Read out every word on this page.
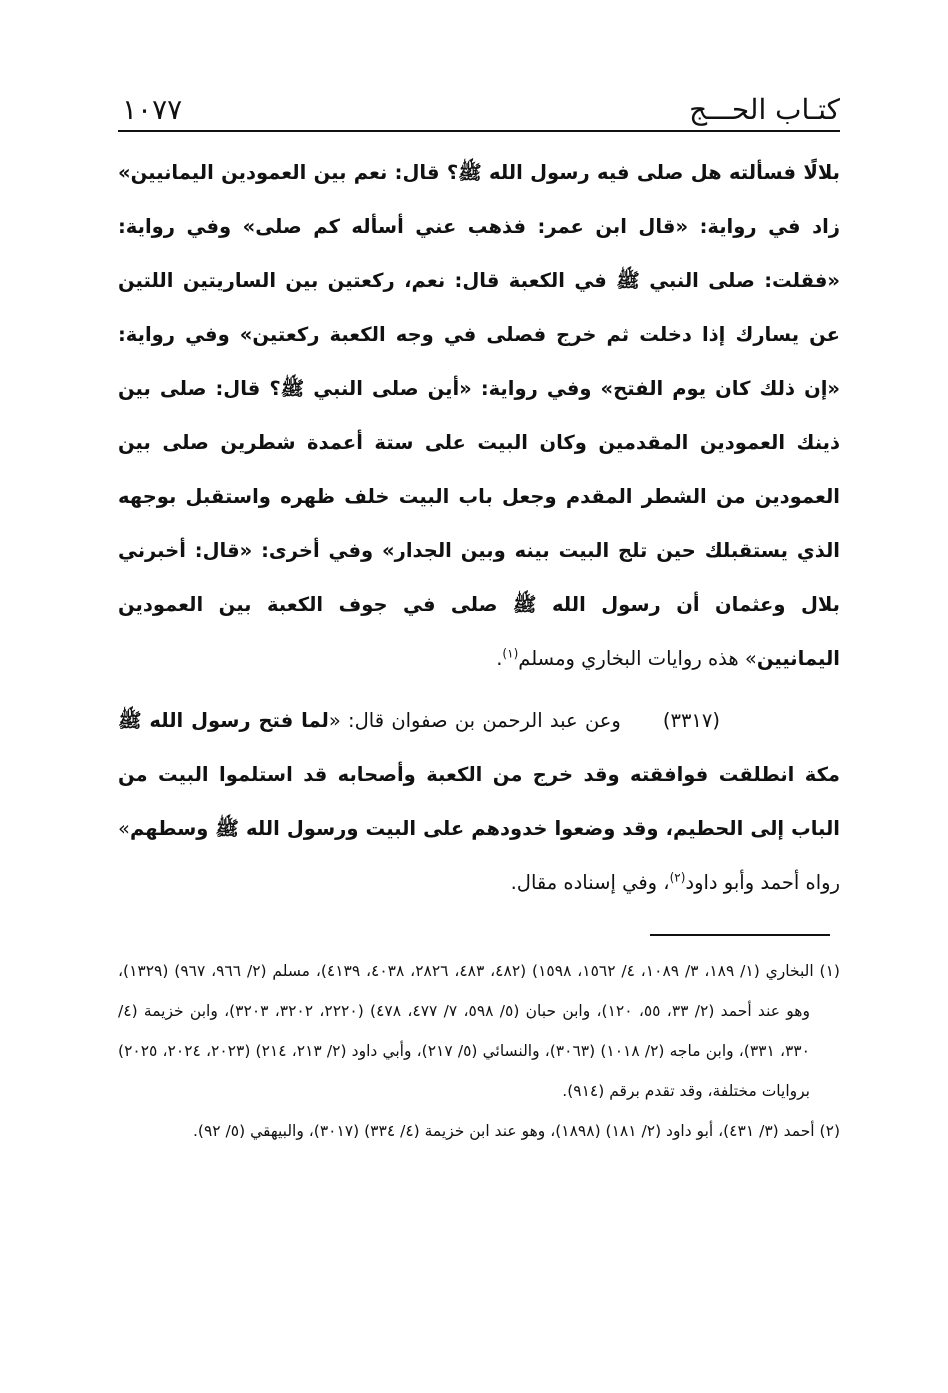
كتـاب الحـــج
١٠٧٧

بلالًا فسألته هل صلى فيه رسول الله ﷺ؟ قال: نعم بين العمودين اليمانيين» زاد في رواية: «قال ابن عمر: فذهب عني أسأله كم صلى» وفي رواية: «فقلت: صلى النبي ﷺ في الكعبة قال: نعم، ركعتين بين الساريتين اللتين عن يسارك إذا دخلت ثم خرج فصلى في وجه الكعبة ركعتين» وفي رواية: «إن ذلك كان يوم الفتح» وفي رواية: «أين صلى النبي ﷺ؟ قال: صلى بين ذينك العمودين المقدمين وكان البيت على ستة أعمدة شطرين صلى بين العمودين من الشطر المقدم وجعل باب البيت خلف ظهره واستقبل بوجهه الذي يستقبلك حين تلج البيت بينه وبين الجدار» وفي أخرى: «قال: أخبرني بلال وعثمان أن رسول الله ﷺ صلى في جوف الكعبة بين العمودين اليمانيين» هذه روايات البخاري ومسلم$^{(١)}$.

(٣٣١٧)وعن عبد الرحمن بن صفوان قال: «لما فتح رسول الله ﷺ مكة انطلقت فوافقته وقد خرج من الكعبة وأصحابه قد استلموا البيت من الباب إلى الحطيم، وقد وضعوا خدودهم على البيت ورسول الله ﷺ وسطهم» رواه أحمد وأبو داود$^{(٢)}$، وفي إسناده مقال.

(١) البخاري (١/ ١٨٩، ٣/ ١٠٨٩، ٤/ ١٥٦٢، ١٥٩٨) (٤٨٢، ٤٨٣، ٢٨٢٦، ٤٠٣٨، ٤١٣٩)، مسلم (٢/ ٩٦٦، ٩٦٧) (١٣٢٩)، وهو عند أحمد (٢/ ٣٣، ٥٥، ١٢٠)، وابن حبان (٥/ ٥٩٨، ٧/ ٤٧٧، ٤٧٨) (٢٢٢٠، ٣٢٠٢، ٣٢٠٣)، وابن خزيمة (٤/ ٣٣٠، ٣٣١)، وابن ماجه (٢/ ١٠١٨) (٣٠٦٣)، والنسائي (٥/ ٢١٧)، وأبي داود (٢/ ٢١٣، ٢١٤) (٢٠٢٣، ٢٠٢٤، ٢٠٢٥) بروايات مختلفة، وقد تقدم برقم (٩١٤).

(٢) أحمد (٣/ ٤٣١)، أبو داود (٢/ ١٨١) (١٨٩٨)، وهو عند ابن خزيمة (٤/ ٣٣٤) (٣٠١٧)، والبيهقي (٥/ ٩٢).
